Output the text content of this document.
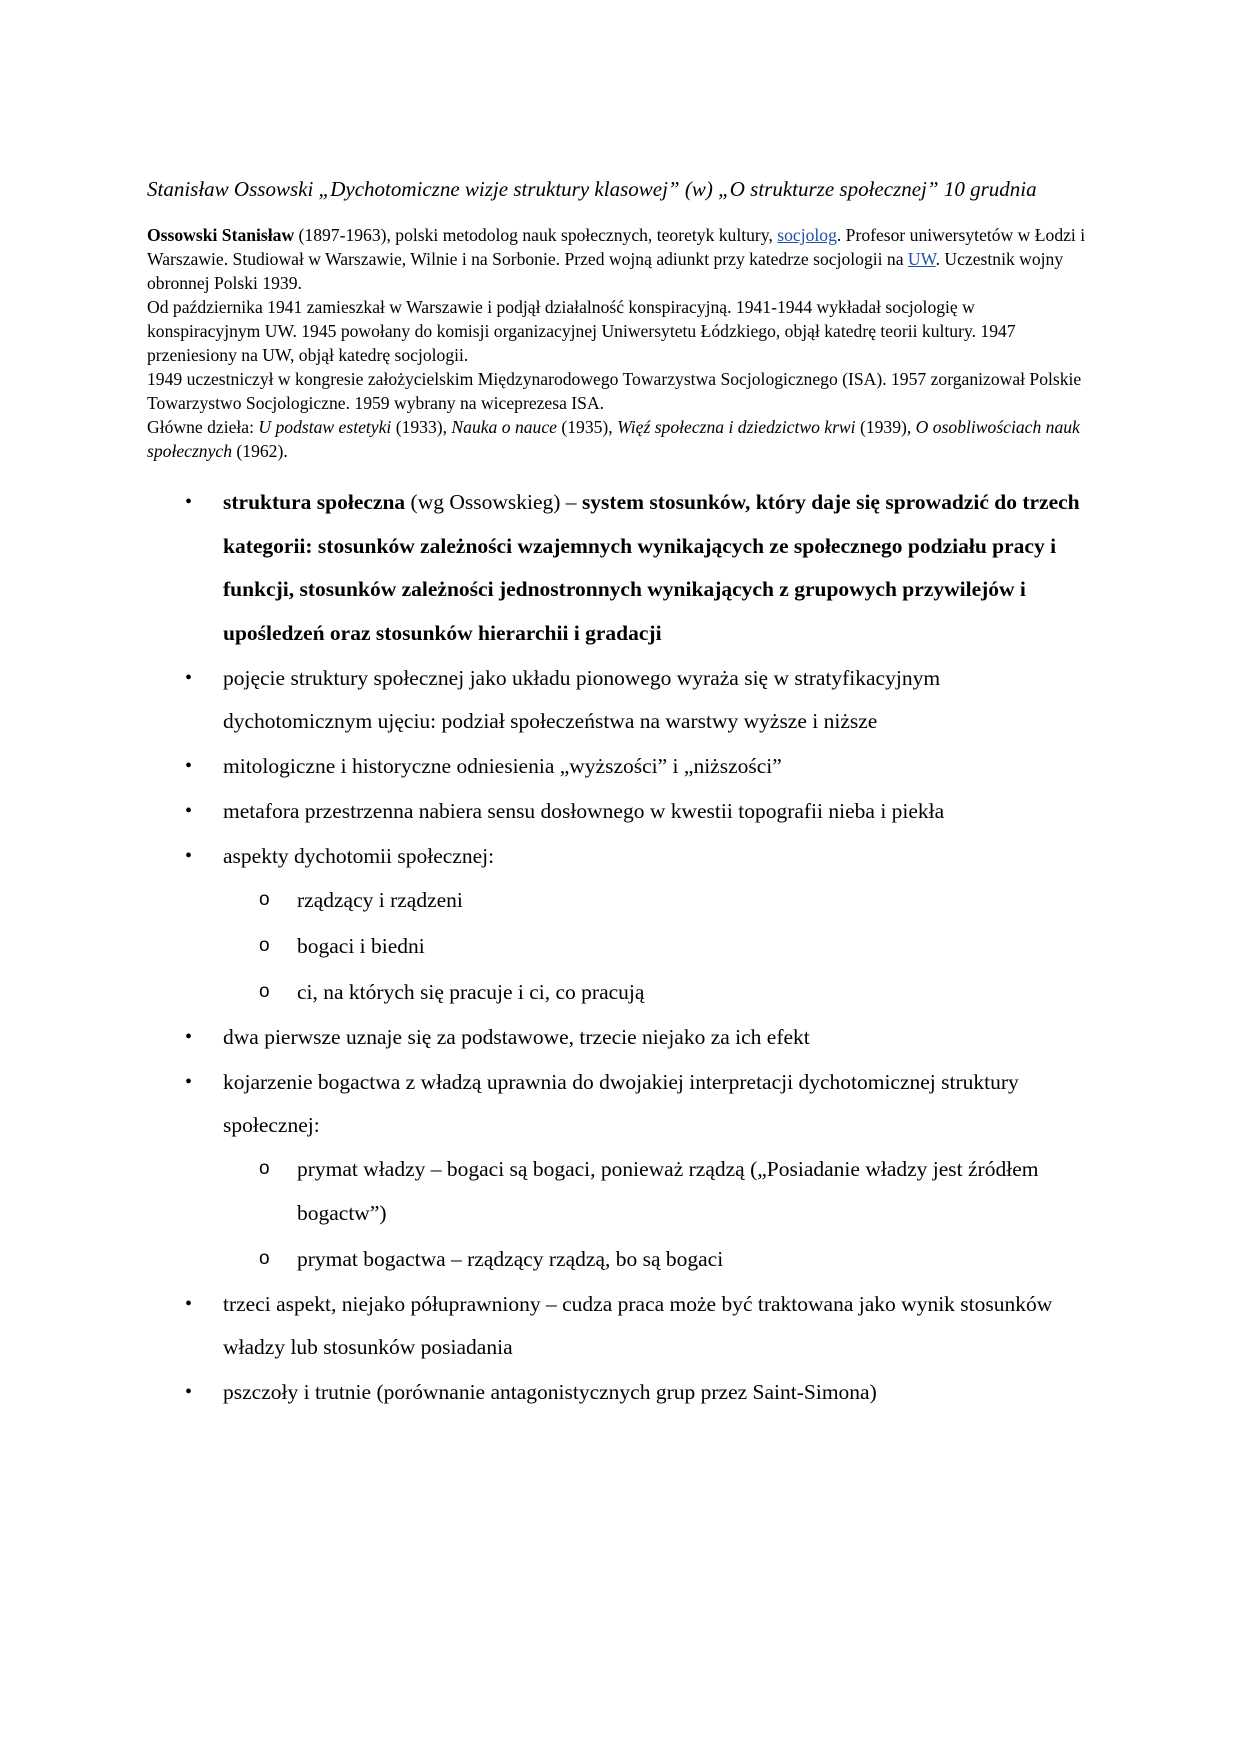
Stanisław Ossowski „Dychotomiczne wizje struktury klasowej” (w) „O strukturze społecznej” 10 grudnia

Ossowski Stanisław (1897-1963), polski metodolog nauk społecznych, teoretyk kultury, socjolog. Profesor uniwersytetów w Łodzi i Warszawie. Studiował w Warszawie, Wilnie i na Sorbonie. Przed wojną adiunkt przy katedrze socjologii na UW. Uczestnik wojny obronnej Polski 1939.

Od października 1941 zamieszkał w Warszawie i podjął działalność konspiracyjną. 1941-1944 wykładał socjologię w konspiracyjnym UW. 1945 powołany do komisji organizacyjnej Uniwersytetu Łódzkiego, objął katedrę teorii kultury. 1947 przeniesiony na UW, objął katedrę socjologii.

1949 uczestniczył w kongresie założycielskim Międzynarodowego Towarzystwa Socjologicznego (ISA). 1957 zorganizował Polskie Towarzystwo Socjologiczne. 1959 wybrany na wiceprezesa ISA.

Główne dzieła: U podstaw estetyki (1933), Nauka o nauce (1935), Więź społeczna i dziedzictwo krwi (1939), O osobliwościach nauk społecznych (1962).

• struktura społeczna (wg Ossowskieg) – system stosunków, który daje się sprowadzić do trzech kategorii: stosunków zależności wzajemnych wynikających ze społecznego podziału pracy i funkcji, stosunków zależności jednostronnych wynikających z grupowych przywilejów i upośledzeń oraz stosunków hierarchii i gradacji
• pojęcie struktury społecznej jako układu pionowego wyraża się w stratyfikacyjnym dychotomicznym ujęciu: podział społeczeństwa na warstwy wyższe i niższe
• mitologiczne i historyczne odniesienia „wyższości” i „niższości”
• metafora przestrzenna nabiera sensu dosłownego w kwestii topografii nieba i piekła
• aspekty dychotomii społecznej:
o rządzący i rządzeni
o bogaci i biedni
o ci, na których się pracuje i ci, co pracują
• dwa pierwsze uznaje się za podstawowe, trzecie niejako za ich efekt
• kojarzenie bogactwa z władzą uprawnia do dwojakiej interpretacji dychotomicznej struktury społecznej:
o prymat władzy – bogaci są bogaci, ponieważ rządzą („Posiadanie władzy jest źródłem bogactw”)
o prymat bogactwa – rządzący rządzą, bo są bogaci
• trzeci aspekt, niejako półuprawniony – cudza praca może być traktowana jako wynik stosunków władzy lub stosunków posiadania
• pszczoły i trutnie (porównanie antagonistycznych grup przez Saint-Simona)
